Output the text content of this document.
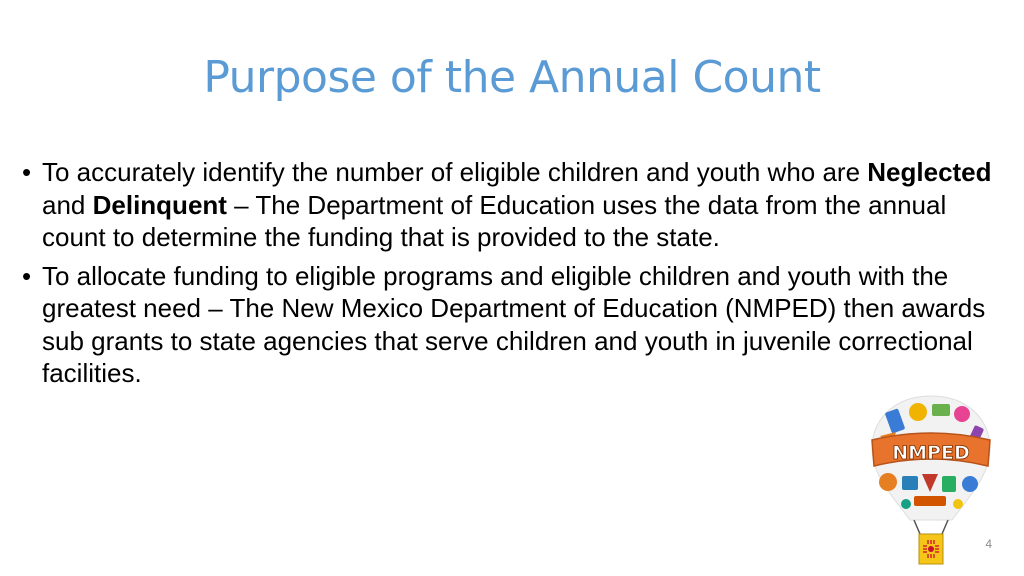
Purpose of the Annual Count
• To accurately identify the number of eligible children and youth who are Neglected and Delinquent – The Department of Education uses the data from the annual count to determine the funding that is provided to the state.
• To allocate funding to eligible programs and eligible children and youth with the greatest need – The New Mexico Department of Education (NMPED) then awards sub grants to state agencies that serve children and youth in juvenile correctional facilities.
NMPED
4
